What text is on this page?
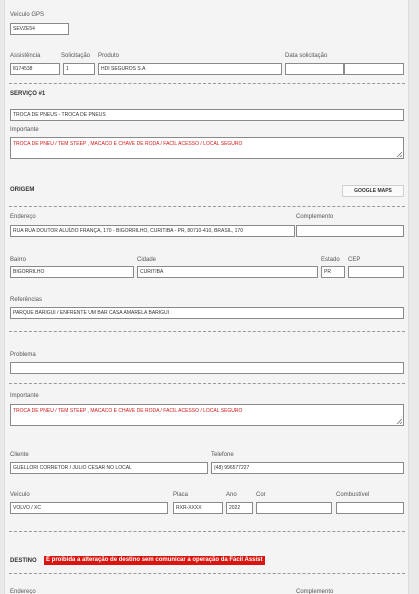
Veículo GPS
SEVZE54
Assistência
8174538
Solicitação
1
Produto
HDI SEGUROS S.A
Data solicitação
SERVIÇO #1
TROCA DE PNEUS - TROCA DE PNEUS
Importante
TROCA DE PNEU / TEM STEEP , MACACO E CHAVE DE RODA / FACIL ACESSO / LOCAL SEGURO
ORIGEM	GOOGLE MAPS
Endereço
RUA RUA DOUTOR ALUÍZIO FRANÇA, 170 - BIGORRILHO, CURITIBA - PR, 80710-410, BRASIL, 170
Complemento
Bairro
BIGORRILHO
Cidade
CURITIBA
Estado
PR
CEP
Referências
PARQUE BARIGUI / ENFRENTE UM BAR CASA AMARELA BARIGUI
Problema
Importante
TROCA DE PNEU / TEM STEEP , MACACO E CHAVE DE RODA / FACIL ACESSO / LOCAL SEGURO
Cliente
GUELLORI CORRETOR / JULIO CESAR NO LOCAL
Telefone
(48) 996577227
Veículo
VOLVO / XC
Placa
RXR-XXXX
Ano
2022
Cor	Combustível
DESTINO	É proibida a alteração de destino sem comunicar a operação da Fácil Assist
Endereço	Complemento
